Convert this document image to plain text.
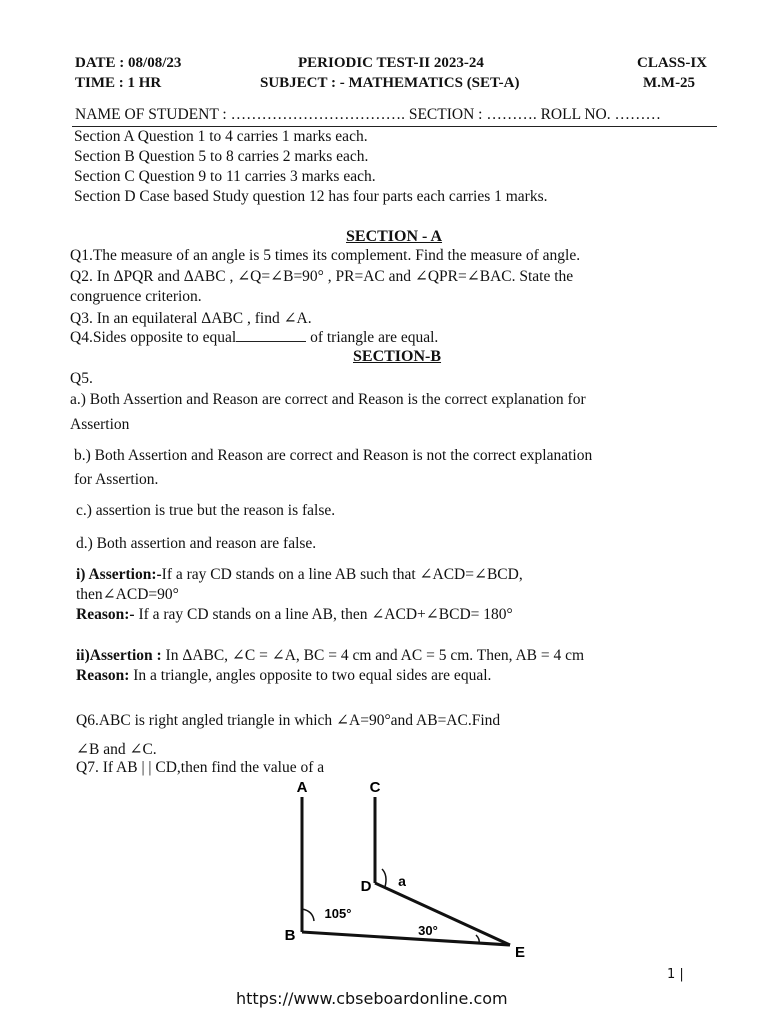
DATE : 08/08/23
TIME : 1 HR
PERIODIC TEST-II 2023-24
SUBJECT : - MATHEMATICS (SET-A)
CLASS-IX
M.M-25
NAME OF STUDENT : ……………………………. SECTION : ………. ROLL NO. ………
Section A Question 1 to 4 carries 1 marks each.
Section B Question 5 to 8 carries 2 marks each.
Section C Question 9 to 11 carries 3 marks each.
Section D Case based Study question 12 has four parts each carries 1 marks.
SECTION - A
Q1.The measure of an angle is 5 times its complement. Find the measure of angle.
Q2. In ΔPQR and ΔABC , ∠Q=∠B=90° , PR=AC and ∠QPR=∠BAC. State the
congruence criterion.
Q3. In an equilateral ΔABC , find ∠A.
Q4.Sides opposite to equal	of triangle are equal.
SECTION-B
Q5.
a.) Both Assertion and Reason are correct and Reason is the correct explanation for
Assertion
b.) Both Assertion and Reason are correct and Reason is not the correct explanation
for Assertion.
c.) assertion is true but the reason is false.
d.) Both assertion and reason are false.
i) Assertion:-If a ray CD stands on a line AB such that ∠ACD=∠BCD,
then∠ACD=90°
Reason:- If a ray CD stands on a line AB, then ∠ACD+∠BCD= 180°
ii)Assertion : In ΔABC, ∠C = ∠A, BC = 4 cm and AC = 5 cm. Then, AB = 4 cm
Reason: In a triangle, angles opposite to two equal sides are equal.
Q6.ABC is right angled triangle in which ∠A=90°and AB=AC.Find
∠B and ∠C.
Q7. If AB | | CD,then find the value of a
A	C
D
B
E
a
105°
30°
1 |
https://www.cbseboardonline.com
